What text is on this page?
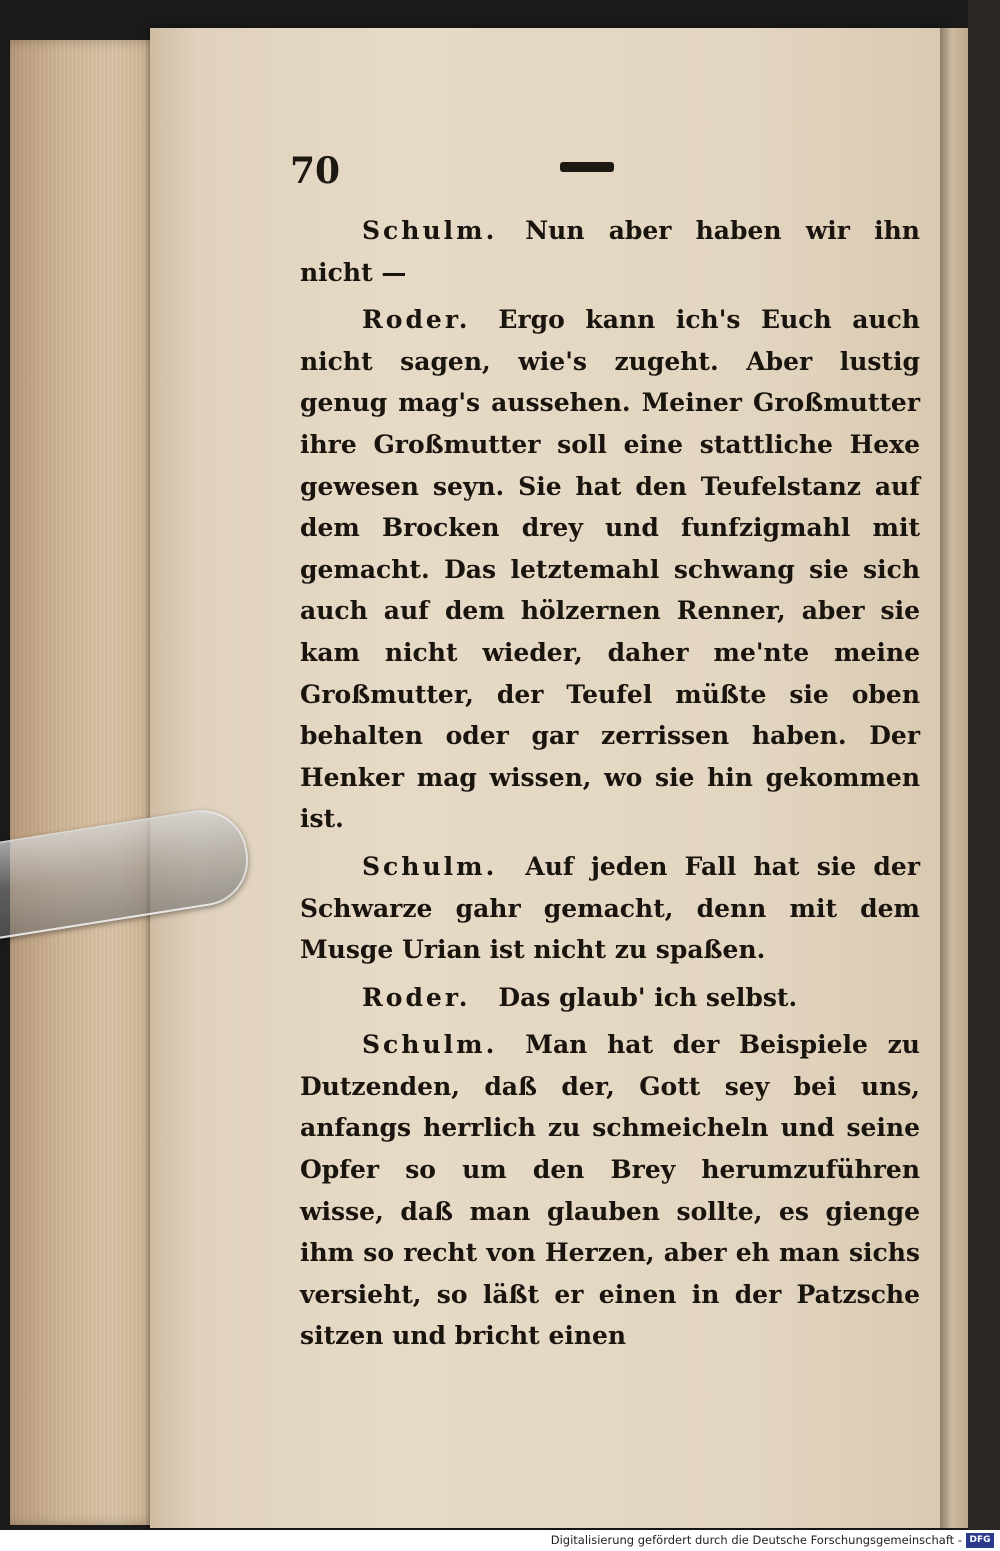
70

Schulm. Nun aber haben wir ihn nicht —

Roder. Ergo kann ich's Euch auch nicht sagen, wie's zugeht. Aber lustig genug mag's aussehen. Meiner Großmutter ihre Großmutter soll eine stattliche Hexe gewesen seyn. Sie hat den Teufelstanz auf dem Brocken drey und funfzigmahl mit gemacht. Das letztemahl schwang sie sich auch auf dem hölzernen Renner, aber sie kam nicht wieder, daher me'nte meine Großmutter, der Teufel müßte sie oben behalten oder gar zerrissen haben. Der Henker mag wissen, wo sie hin gekommen ist.

Schulm. Auf jeden Fall hat sie der Schwarze gahr gemacht, denn mit dem Musge Urian ist nicht zu spaßen.

Roder. Das glaub' ich selbst.

Schulm. Man hat der Beispiele zu Dutzenden, daß der, Gott sey bei uns, anfangs herrlich zu schmeicheln und seine Opfer so um den Brey herumzuführen wisse, daß man glauben sollte, es gienge ihm so recht von Herzen, aber eh man sichs versieht, so läßt er einen in der Patzsche sitzen und bricht einen

Digitalisierung gefördert durch die Deutsche Forschungsgemeinschaft - DFG
